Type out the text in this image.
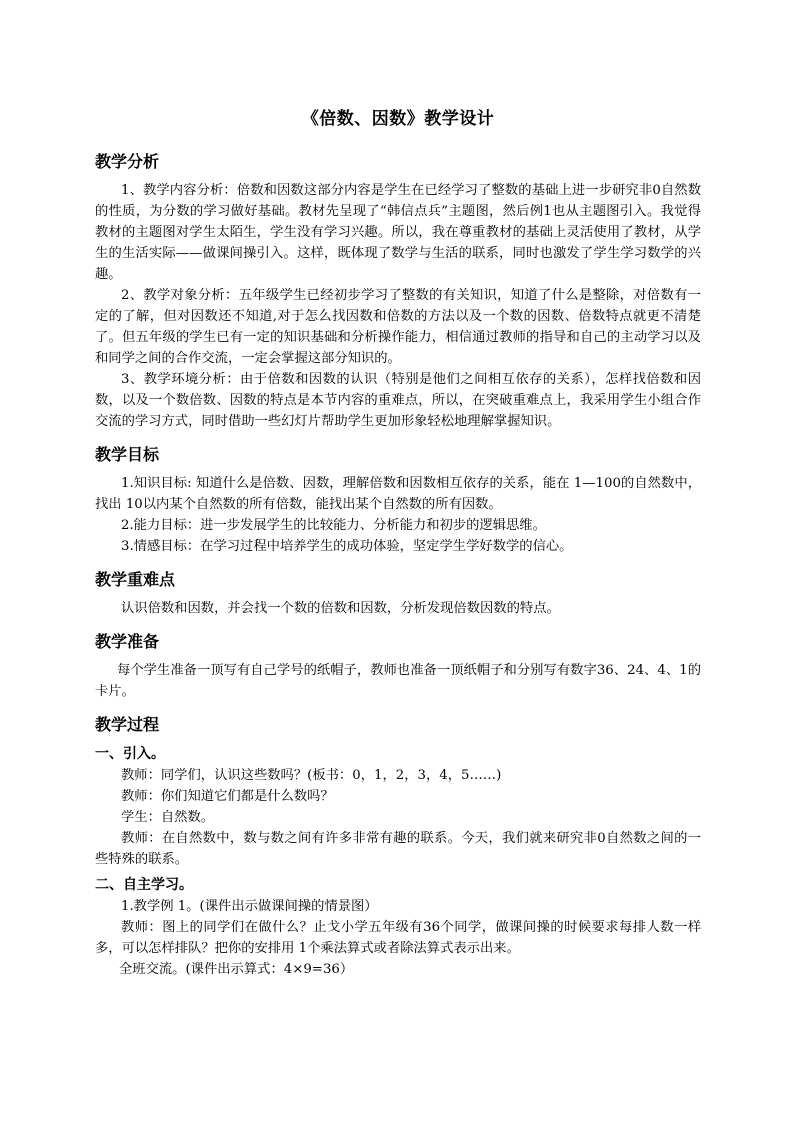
《倍数、因数》教学设计
教学分析

1、教学内容分析：倍数和因数这部分内容是学生在已经学习了整数的基础上进一步研究非0自然数的性质，为分数的学习做好基础。教材先呈现了“韩信点兵”主题图，然后例1也从主题图引入。我觉得教材的主题图对学生太陌生，学生没有学习兴趣。所以，我在尊重教材的基础上灵活使用了教材，从学生的生活实际——做课间操引入。这样，既体现了数学与生活的联系，同时也激发了学生学习数学的兴趣。

2、教学对象分析：五年级学生已经初步学习了整数的有关知识，知道了什么是整除，对倍数有一定的了解，但对因数还不知道,对于怎么找因数和倍数的方法以及一个数的因数、倍数特点就更不清楚了。但五年级的学生已有一定的知识基础和分析操作能力，相信通过教师的指导和自己的主动学习以及和同学之间的合作交流，一定会掌握这部分知识的。

3、教学环境分析：由于倍数和因数的认识（特别是他们之间相互依存的关系），怎样找倍数和因数，以及一个数倍数、因数的特点是本节内容的重难点，所以，在突破重难点上，我采用学生小组合作交流的学习方式，同时借助一些幻灯片帮助学生更加形象轻松地理解掌握知识。

教学目标

1.知识目标: 知道什么是倍数、因数，理解倍数和因数相互依存的关系，能在 1—100的自然数中，找出 10以内某个自然数的所有倍数，能找出某个自然数的所有因数。

2.能力目标：进一步发展学生的比较能力、分析能力和初步的逻辑思维。

3.情感目标：在学习过程中培养学生的成功体验，坚定学生学好数学的信心。

教学重难点

认识倍数和因数，并会找一个数的倍数和因数，分析发现倍数因数的特点。

教学准备

每个学生准备一顶写有自己学号的纸帽子，教师也准备一顶纸帽子和分别写有数字36、24、4、1的卡片。

教学过程
一、引入。

教师：同学们，认识这些数吗？(板书：0，1，2，3，4，5……)

教师：你们知道它们都是什么数吗？

学生：自然数。

教师：在自然数中，数与数之间有许多非常有趣的联系。今天，我们就来研究非0自然数之间的一些特殊的联系。

二、自主学习。

1.教学例 1。(课件出示做课间操的情景图）

教师：图上的同学们在做什么？止戈小学五年级有36个同学，做课间操的时候要求每排人数一样多，可以怎样排队？把你的安排用 1个乘法算式或者除法算式表示出来。

全班交流。(课件出示算式：4×9=36）
